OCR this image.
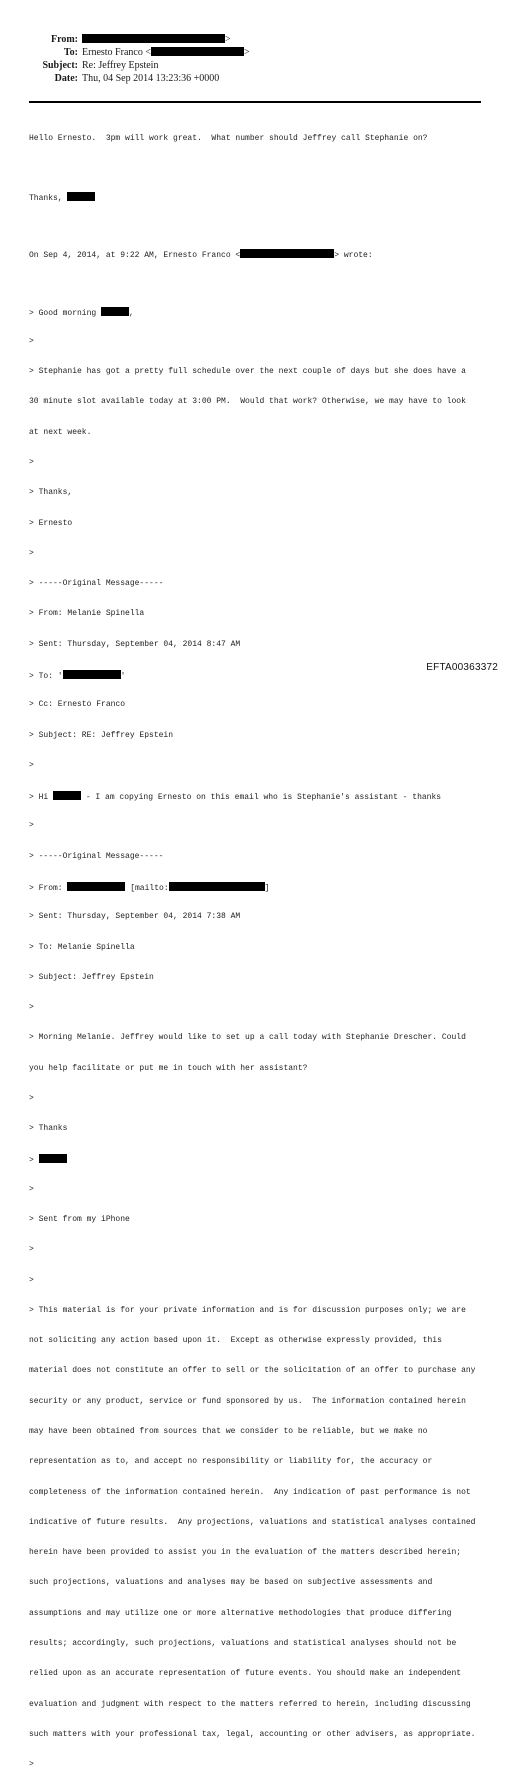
From:	>
To: Ernesto Franco <	>
Subject: Re: Jeffrey Epstein
Date: Thu, 04 Sep 2014 13:23:36 +0000

Hello Ernesto.  3pm will work great.  What number should Jeffrey call Stephanie on?

Thanks,

On Sep 4, 2014, at 9:22 AM, Ernesto Franco <	> wrote:

> Good morning	,

>

> Stephanie has got a pretty full schedule over the next couple of days but she does have a

30 minute slot available today at 3:00 PM.  Would that work? Otherwise, we may have to look

at next week.

>

> Thanks,

> Ernesto

>

> -----Original Message-----

> From: Melanie Spinella

> Sent: Thursday, September 04, 2014 8:47 AM

> To: '	'

> Cc: Ernesto Franco

> Subject: RE: Jeffrey Epstein

>

> Hi	- I am copying Ernesto on this email who is Stephanie's assistant - thanks

>

> -----Original Message-----

> From:	[mailto:	]

> Sent: Thursday, September 04, 2014 7:38 AM

> To: Melanie Spinella

> Subject: Jeffrey Epstein

>

> Morning Melanie. Jeffrey would like to set up a call today with Stephanie Drescher. Could

you help facilitate or put me in touch with her assistant?

>

> Thanks

>

>

> Sent from my iPhone

>

>

> This material is for your private information and is for discussion purposes only; we are

not soliciting any action based upon it.  Except as otherwise expressly provided, this

material does not constitute an offer to sell or the solicitation of an offer to purchase any

security or any product, service or fund sponsored by us.  The information contained herein

may have been obtained from sources that we consider to be reliable, but we make no

representation as to, and accept no responsibility or liability for, the accuracy or

completeness of the information contained herein.  Any indication of past performance is not

indicative of future results.  Any projections, valuations and statistical analyses contained

herein have been provided to assist you in the evaluation of the matters described herein;

such projections, valuations and analyses may be based on subjective assessments and

assumptions and may utilize one or more alternative methodologies that produce differing

results; accordingly, such projections, valuations and statistical analyses should not be

relied upon as an accurate representation of future events. You should make an independent

evaluation and judgment with respect to the matters referred to herein, including discussing

such matters with your professional tax, legal, accounting or other advisers, as appropriate.

>

EFTA00363372
